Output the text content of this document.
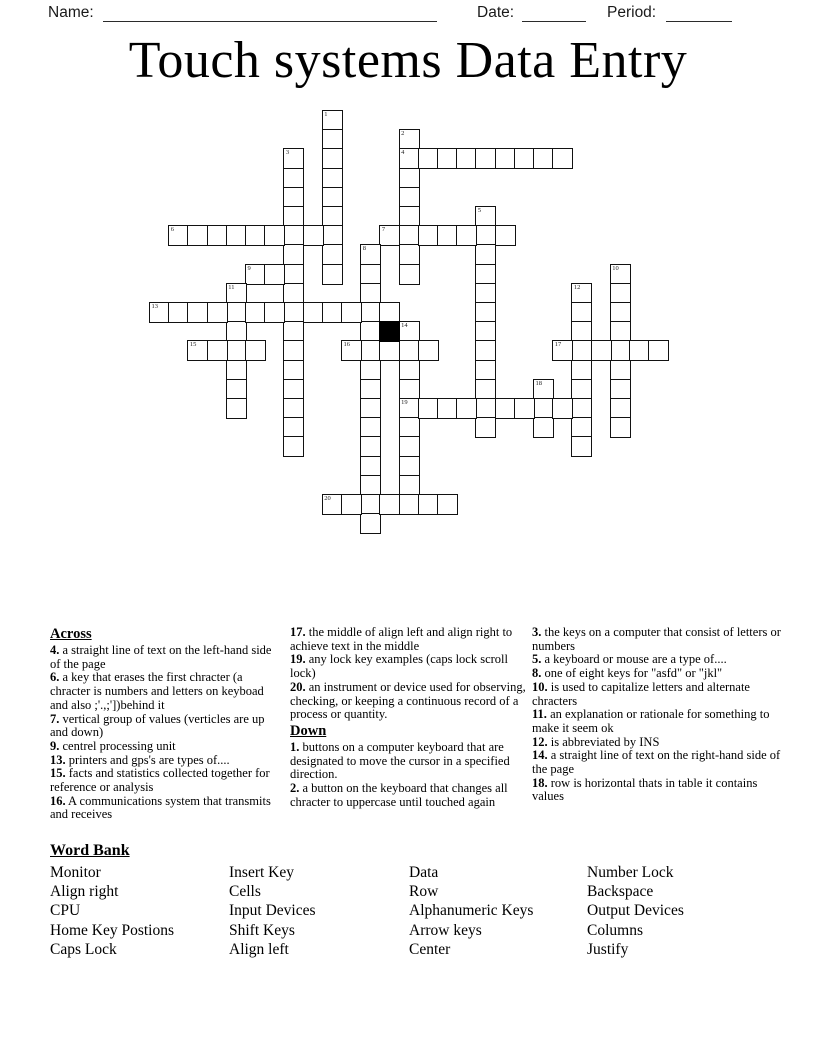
Name:	Date:	Period:
Touch systems Data Entry
1
2
4
3
5
6	7
8
9	10
11	12
13
14
19
15	16	17
18
20
Across
4. a straight line of text on the left-hand side of the page
6. a key that erases the first chracter (a chracter is numbers and letters on keyboad and also ;'.,;'])behind it
7. vertical group of values (verticles are up and down)
9. centrel processing unit
13. printers and gps's are types of....
15. facts and statistics collected together for reference or analysis
16. A communications system that transmits and receives
17. the middle of align left and align right to achieve text in the middle
19. any lock key examples (caps lock scroll lock)
20. an instrument or device used for observing, checking, or keeping a continuous record of a process or quantity.
Down
1. buttons on a computer keyboard that are designated to move the cursor in a specified direction.
2. a button on the keyboard that changes all chracter to uppercase until touched again
3. the keys on a computer that consist of letters or numbers
5. a keyboard or mouse are a type of....
8. one of eight keys for "asfd" or "jkl"
10. is used to capitalize letters and alternate chracters
11. an explanation or rationale for something to make it seem ok
12. is abbreviated by INS
14. a straight line of text on the right-hand side of the page
18. row is horizontal thats in table it contains values
Word Bank
Monitor
Align right
CPU
Home Key Postions
Caps Lock
Insert Key
Cells
Input Devices
Shift Keys
Align left
Data
Row
Alphanumeric Keys
Arrow keys
Center
Number Lock
Backspace
Output Devices
Columns
Justify
